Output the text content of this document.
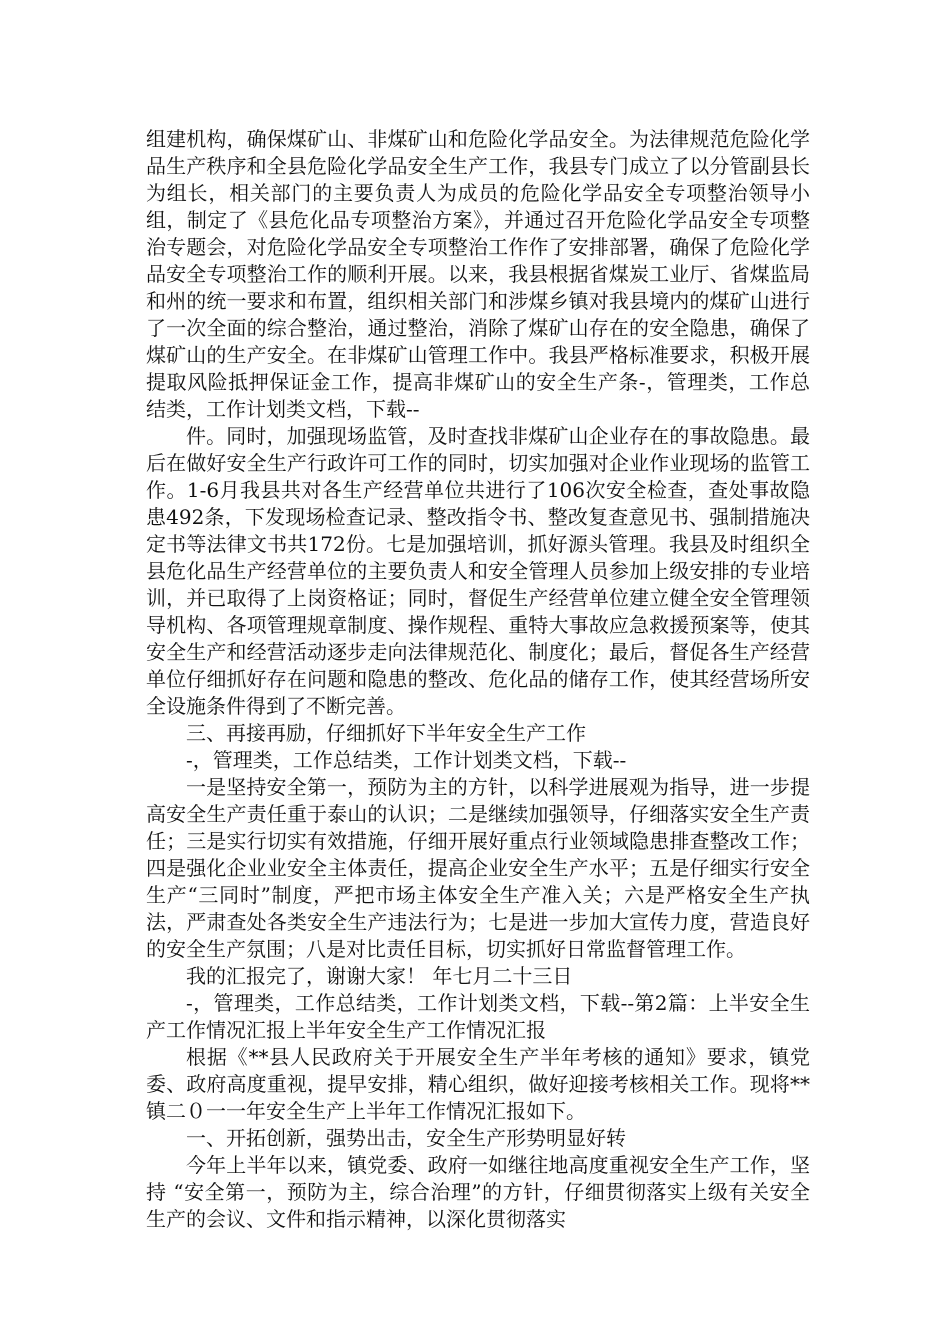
组建机构，确保煤矿山、非煤矿山和危险化学品安全。为法律规范危险化学品生产秩序和全县危险化学品安全生产工作，我县专门成立了以分管副县长为组长，相关部门的主要负责人为成员的危险化学品安全专项整治领导小组，制定了《县危化品专项整治方案》，并通过召开危险化学品安全专项整治专题会，对危险化学品安全专项整治工作作了安排部署，确保了危险化学品安全专项整治工作的顺利开展。以来，我县根据省煤炭工业厅、省煤监局和州的统一要求和布置，组织相关部门和涉煤乡镇对我县境内的煤矿山进行了一次全面的综合整治，通过整治，消除了煤矿山存在的安全隐患，确保了煤矿山的生产安全。在非煤矿山管理工作中。我县严格标准要求，积极开展提取风险抵押保证金工作，提高非煤矿山的安全生产条-，管理类，工作总结类，工作计划类文档，下载--

件。同时，加强现场监管，及时查找非煤矿山企业存在的事故隐患。最后在做好安全生产行政许可工作的同时，切实加强对企业作业现场的监管工作。1-6月我县共对各生产经营单位共进行了106次安全检查，查处事故隐患492条，下发现场检查记录、整改指令书、整改复查意见书、强制措施决定书等法律文书共172份。七是加强培训，抓好源头管理。我县及时组织全县危化品生产经营单位的主要负责人和安全管理人员参加上级安排的专业培训，并已取得了上岗资格证；同时，督促生产经营单位建立健全安全管理领导机构、各项管理规章制度、操作规程、重特大事故应急救援预案等，使其安全生产和经营活动逐步走向法律规范化、制度化；最后，督促各生产经营单位仔细抓好存在问题和隐患的整改、危化品的储存工作，使其经营场所安全设施条件得到了不断完善。

三、再接再励，仔细抓好下半年安全生产工作

-，管理类，工作总结类，工作计划类文档，下载--

一是坚持安全第一，预防为主的方针，以科学进展观为指导，进一步提高安全生产责任重于泰山的认识；二是继续加强领导，仔细落实安全生产责任；三是实行切实有效措施，仔细开展好重点行业领域隐患排查整改工作；四是强化企业业安全主体责任，提高企业安全生产水平；五是仔细实行安全生产“三同时”制度，严把市场主体安全生产准入关；六是严格安全生产执法，严肃查处各类安全生产违法行为；七是进一步加大宣传力度，营造良好的安全生产氛围；八是对比责任目标，切实抓好日常监督管理工作。

我的汇报完了，谢谢大家！ 年七月二十三日

-，管理类，工作总结类，工作计划类文档，下载--第2篇：上半安全生产工作情况汇报上半年安全生产工作情况汇报

根据《**县人民政府关于开展安全生产半年考核的通知》要求，镇党委、政府高度重视，提早安排，精心组织，做好迎接考核相关工作。现将**镇二０一一年安全生产上半年工作情况汇报如下。

一、开拓创新，强势出击，安全生产形势明显好转

今年上半年以来，镇党委、政府一如继往地高度重视安全生产工作，坚持 “安全第一，预防为主，综合治理”的方针，仔细贯彻落实上级有关安全生产的会议、文件和指示精神，以深化贯彻落实
